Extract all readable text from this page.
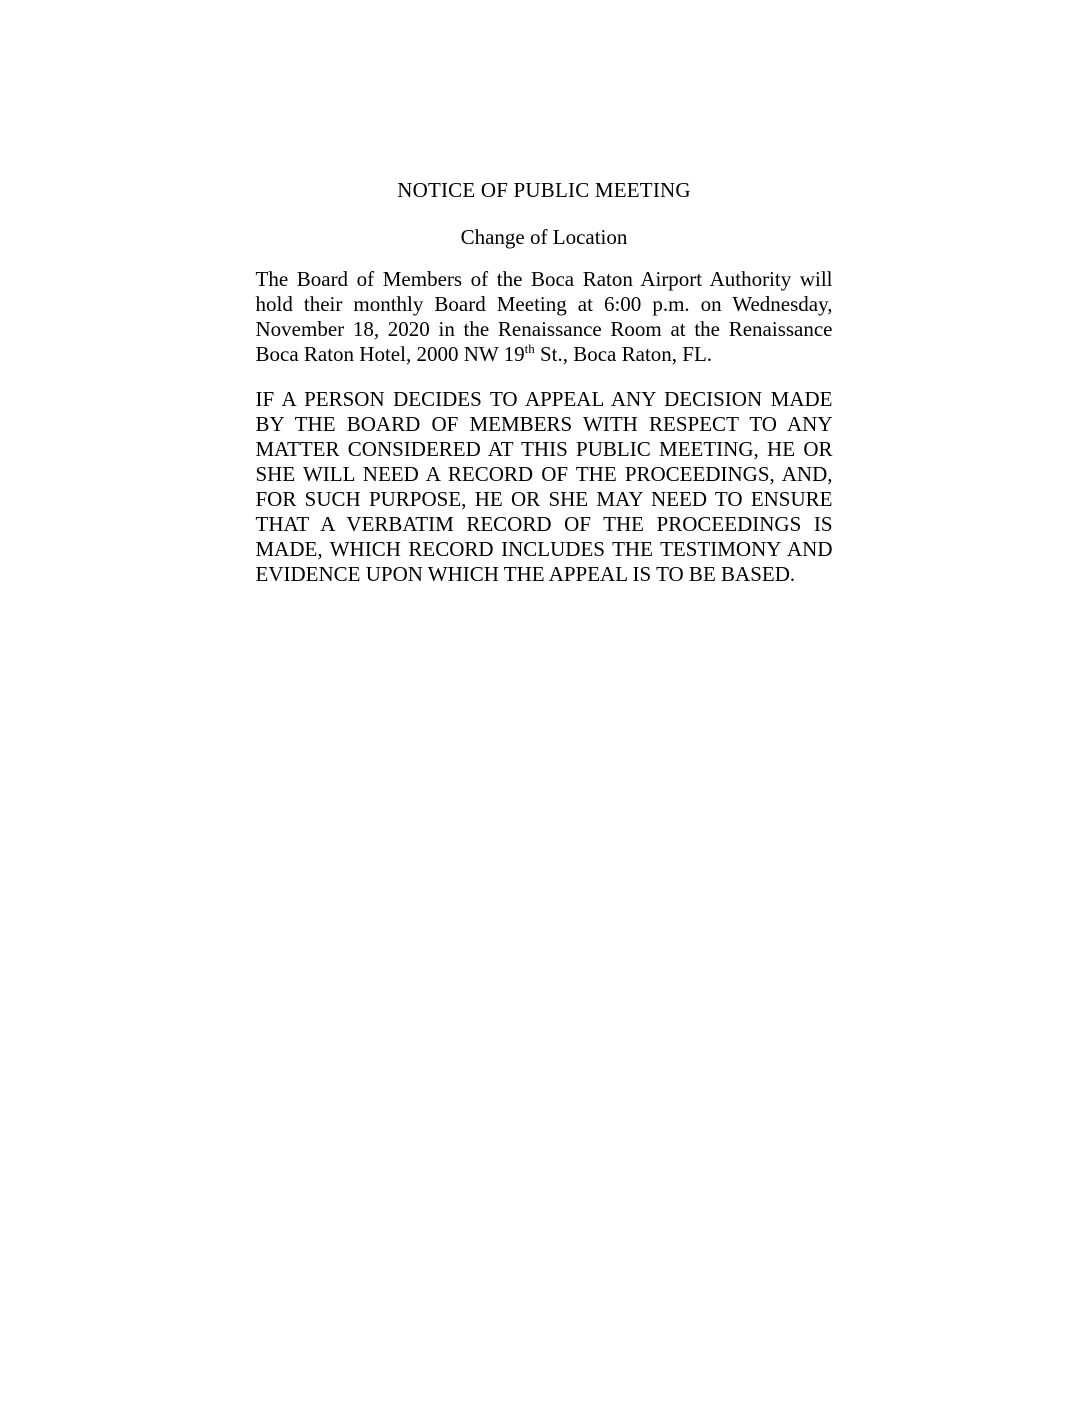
NOTICE OF PUBLIC MEETING
Change of Location

The Board of Members of the Boca Raton Airport Authority will hold their monthly Board Meeting at 6:00 p.m. on Wednesday, November 18, 2020 in the Renaissance Room at the Renaissance Boca Raton Hotel, 2000 NW 19th St., Boca Raton, FL.

IF A PERSON DECIDES TO APPEAL ANY DECISION MADE BY THE BOARD OF MEMBERS WITH RESPECT TO ANY MATTER CONSIDERED AT THIS PUBLIC MEETING, HE OR SHE WILL NEED A RECORD OF THE PROCEEDINGS, AND, FOR SUCH PURPOSE, HE OR SHE MAY NEED TO ENSURE THAT A VERBATIM RECORD OF THE PROCEEDINGS IS MADE, WHICH RECORD INCLUDES THE TESTIMONY AND EVIDENCE UPON WHICH THE APPEAL IS TO BE BASED.
